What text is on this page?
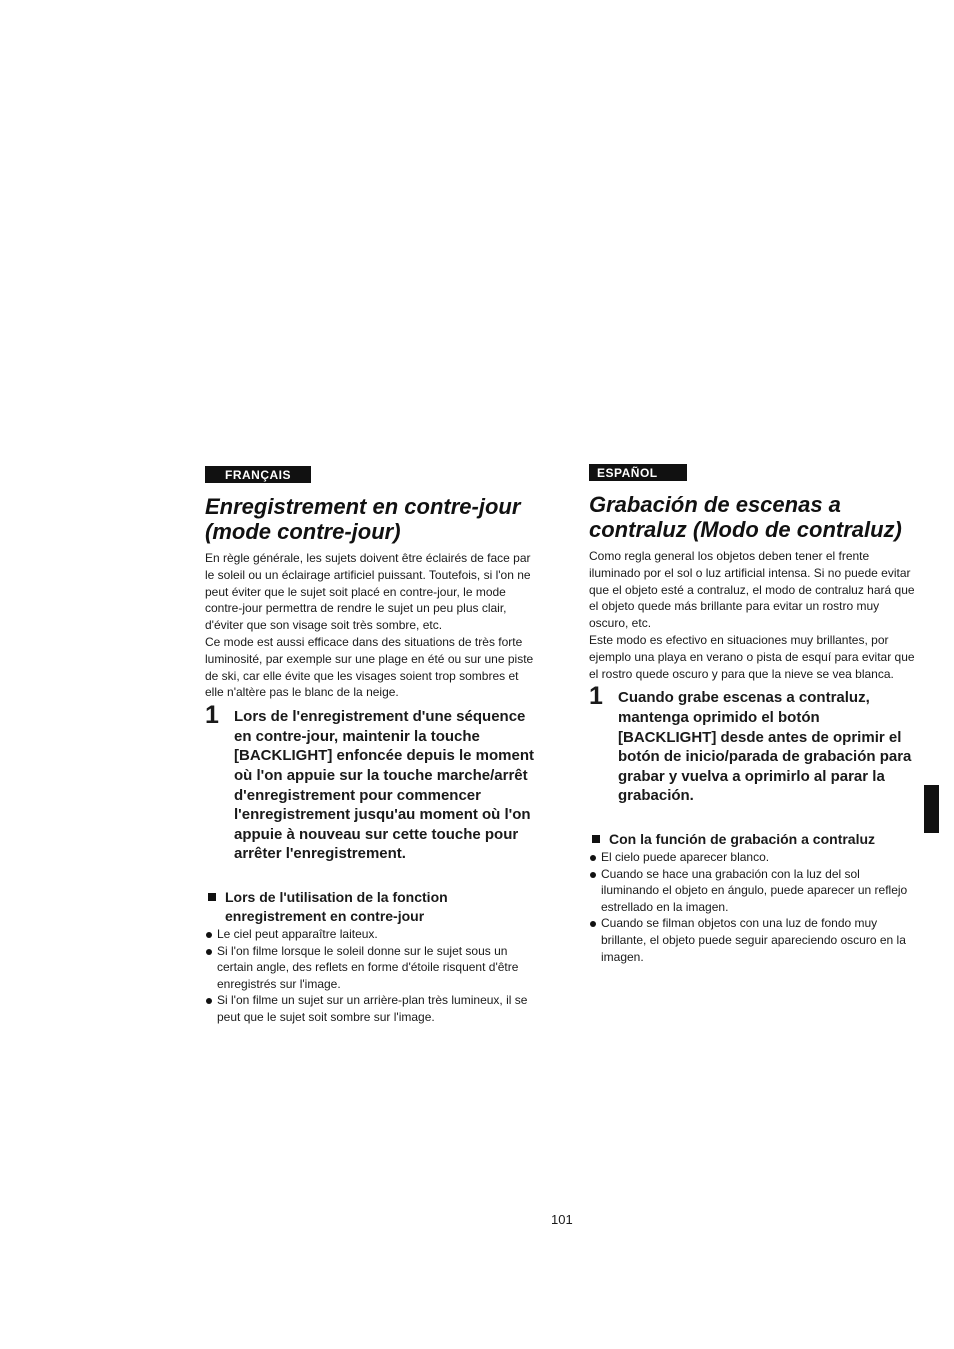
FRANÇAIS
Enregistrement en contre-jour (mode contre-jour)

En règle générale, les sujets doivent être éclairés de face par le soleil ou un éclairage artificiel puissant. Toutefois, si l'on ne peut éviter que le sujet soit placé en contre-jour, le mode contre-jour permettra de rendre le sujet un peu plus clair, d'éviter que son visage soit très sombre, etc.

Ce mode est aussi efficace dans des situations de très forte luminosité, par exemple sur une plage en été ou sur une piste de ski, car elle évite que les visages soient trop sombres et elle n'altère pas le blanc de la neige.

1 Lors de l'enregistrement d'une séquence en contre-jour, maintenir la touche [BACKLIGHT] enfoncée depuis le moment où l'on appuie sur la touche marche/arrêt d'enregistrement pour commencer l'enregistrement jusqu'au moment où l'on appuie à nouveau sur cette touche pour arrêter l'enregistrement.
Lors de l'utilisation de la fonction enregistrement en contre-jour
Le ciel peut apparaître laiteux.
Si l'on filme lorsque le soleil donne sur le sujet sous un certain angle, des reflets en forme d'étoile risquent d'être enregistrés sur l'image.
Si l'on filme un sujet sur un arrière-plan très lumineux, il se peut que le sujet soit sombre sur l'image.
ESPAÑOL
Grabación de escenas a contraluz (Modo de contraluz)

Como regla general los objetos deben tener el frente iluminado por el sol o luz artificial intensa. Si no puede evitar que el objeto esté a contraluz, el modo de contraluz hará que el objeto quede más brillante para evitar un rostro muy oscuro, etc.

Este modo es efectivo en situaciones muy brillantes, por ejemplo una playa en verano o pista de esquí para evitar que el rostro quede oscuro y para que la nieve se vea blanca.

1 Cuando grabe escenas a contraluz, mantenga oprimido el botón [BACKLIGHT] desde antes de oprimir el botón de inicio/parada de grabación para grabar y vuelva a oprimirlo al parar la grabación.
Con la función de grabación a contraluz
El cielo puede aparecer blanco.
Cuando se hace una grabación con la luz del sol iluminando el objeto en ángulo, puede aparecer un reflejo estrellado en la imagen.
Cuando se filman objetos con una luz de fondo muy brillante, el objeto puede seguir apareciendo oscuro en la imagen.
101
